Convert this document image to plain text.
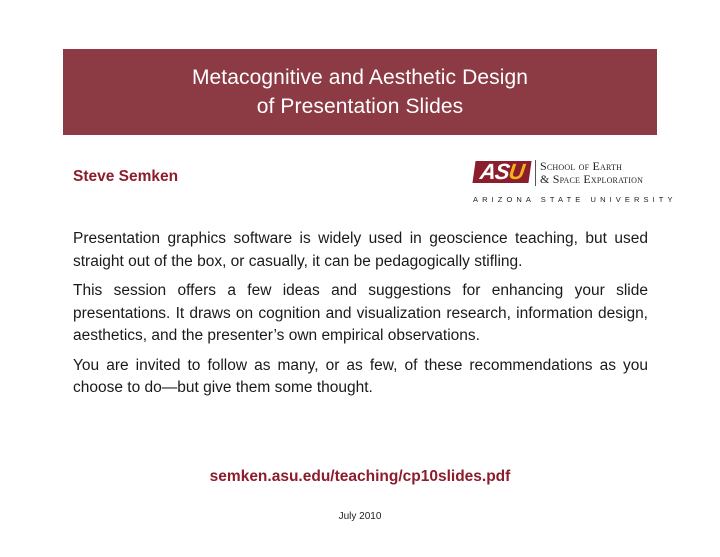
Metacognitive and Aesthetic Design
of Presentation Slides
Steve Semken	ASU	School of Earth
& Space Exploration
ARIZONA STATE UNIVERSITY

Presentation graphics software is widely used in geoscience teaching, but used straight out of the box, or casually, it can be pedagogically stifling.

This session offers a few ideas and suggestions for enhancing your slide presentations. It draws on cognition and visualization research, information design, aesthetics, and the presenter’s own empirical observations.

You are invited to follow as many, or as few, of these recommendations as you choose to do—but give them some thought.

semken.asu.edu/teaching/cp10slides.pdf
July 2010
